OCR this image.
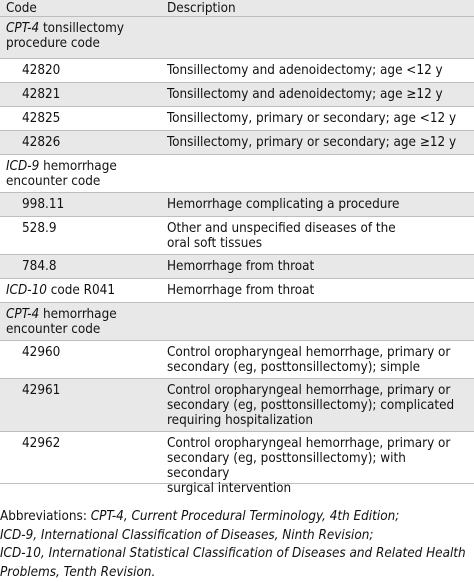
Code	Description
CPT-4 tonsillectomy
procedure code
42820	Tonsillectomy and adenoidectomy; age <12 y
42821	Tonsillectomy and adenoidectomy; age ≥12 y
42825	Tonsillectomy, primary or secondary; age <12 y
42826	Tonsillectomy, primary or secondary; age ≥12 y
ICD-9 hemorrhage
encounter code
998.11	Hemorrhage complicating a procedure
528.9	Other and unspecified diseases of the
oral soft tissues
784.8	Hemorrhage from throat
ICD-10 code R041	Hemorrhage from throat
CPT-4 hemorrhage
encounter code
42960	Control oropharyngeal hemorrhage, primary or
secondary (eg, posttonsillectomy); simple
42961	Control oropharyngeal hemorrhage, primary or
secondary (eg, posttonsillectomy); complicated
requiring hospitalization
42962	Control oropharyngeal hemorrhage, primary or
secondary (eg, posttonsillectomy); with secondary
surgical intervention
Abbreviations: CPT-4, Current Procedural Terminology, 4th Edition;
ICD-9, International Classification of Diseases, Ninth Revision;
ICD-10, International Statistical Classification of Diseases and Related Health
Problems, Tenth Revision.
